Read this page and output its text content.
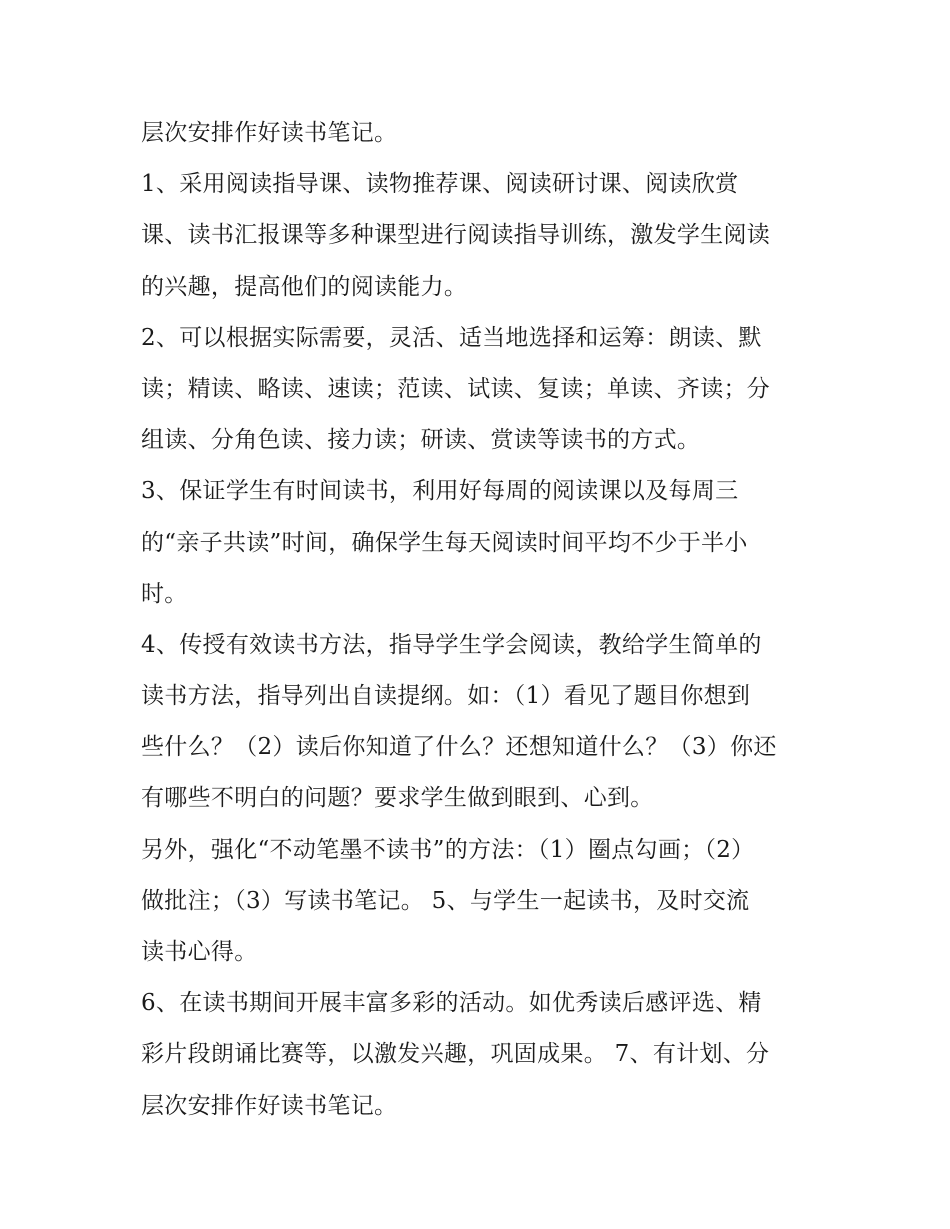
层次安排作好读书笔记。
1、采用阅读指导课、读物推荐课、阅读研讨课、阅读欣赏
课、读书汇报课等多种课型进行阅读指导训练，激发学生阅读
的兴趣，提高他们的阅读能力。
2、可以根据实际需要，灵活、适当地选择和运筹：朗读、默
读；精读、略读、速读；范读、试读、复读；单读、齐读；分
组读、分角色读、接力读；研读、赏读等读书的方式。
3、保证学生有时间读书，利用好每周的阅读课以及每周三
的“亲子共读”时间，确保学生每天阅读时间平均不少于半小
时。
4、传授有效读书方法，指导学生学会阅读，教给学生简单的
读书方法，指导列出自读提纲。如：（1）看见了题目你想到
些什么？（2）读后你知道了什么？还想知道什么？（3）你还
有哪些不明白的问题？要求学生做到眼到、心到。
另外，强化“不动笔墨不读书”的方法：（1）圈点勾画；（2）
做批注；（3）写读书笔记。 5、与学生一起读书，及时交流
读书心得。
6、在读书期间开展丰富多彩的活动。如优秀读后感评选、精
彩片段朗诵比赛等，以激发兴趣，巩固成果。 7、有计划、分
层次安排作好读书笔记。
